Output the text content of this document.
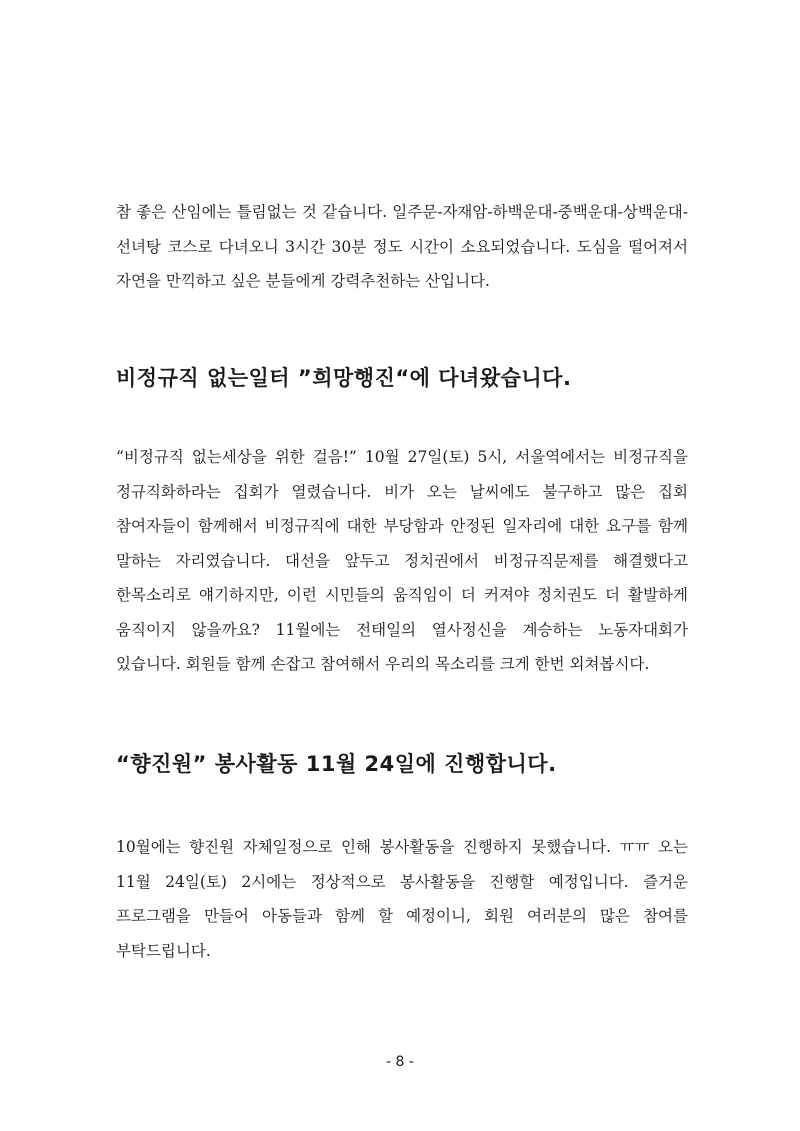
참 좋은 산임에는 틀림없는 것 같습니다. 일주문-자재암-하백운대-중백운대-상백운대-선녀탕 코스로 다녀오니 3시간 30분 정도 시간이 소요되었습니다. 도심을 떨어져서 자연을 만끽하고 싶은 분들에게 강력추천하는 산입니다.

비정규직 없는일터 ”희망행진“에 다녀왔습니다.

“비정규직 없는세상을 위한 걸음!” 10월 27일(토) 5시, 서울역에서는 비정규직을 정규직화하라는 집회가 열렸습니다. 비가 오는 날씨에도 불구하고 많은 집회 참여자들이 함께해서 비정규직에 대한 부당함과 안정된 일자리에 대한 요구를 함께 말하는 자리였습니다. 대선을 앞두고 정치권에서 비정규직문제를 해결했다고 한목소리로 얘기하지만, 이런 시민들의 움직임이 더 커져야 정치권도 더 활발하게 움직이지 않을까요? 11월에는 전태일의 열사정신을 계승하는 노동자대회가 있습니다. 회원들 함께 손잡고 참여해서 우리의 목소리를 크게 한번 외쳐봅시다.

“향진원” 봉사활동 11월 24일에 진행합니다.

10월에는 향진원 자체일정으로 인해 봉사활동을 진행하지 못했습니다. ㅠㅠ 오는 11월 24일(토) 2시에는 정상적으로 봉사활동을 진행할 예정입니다. 즐거운 프로그램을 만들어 아동들과 함께 할 예정이니, 회원 여러분의 많은 참여를 부탁드립니다.

- 8 -
